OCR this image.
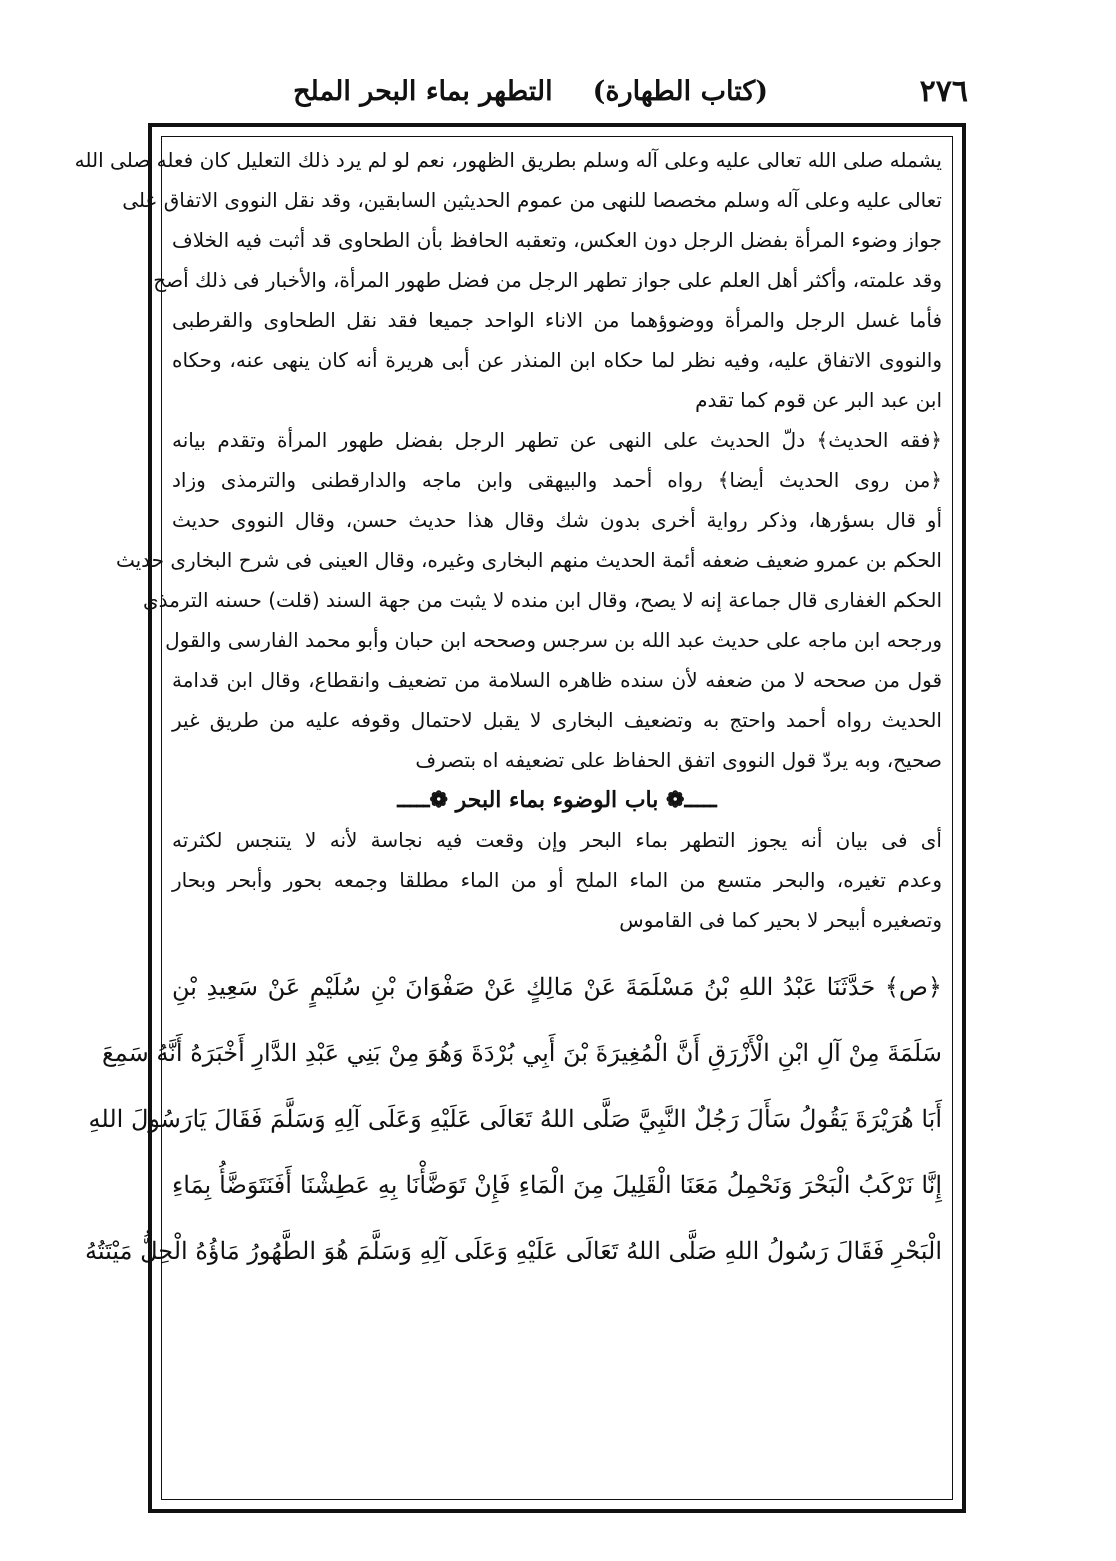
٢٧٦
(كتاب الطهارة)التطهر بماء البحر الملح
يشمله صلى الله تعالى عليه وعلى آله وسلم بطريق الظهور، نعم لو لم يرد ذلك التعليل كان فعله صلى الله
تعالى عليه وعلى آله وسلم مخصصا للنهى من عموم الحديثين السابقين، وقد نقل النووى الاتفاق على
جواز وضوء المرأة بفضل الرجل دون العكس، وتعقبه الحافظ بأن الطحاوى قد أثبت فيه الخلاف
وقد علمته، وأكثر أهل العلم على جواز تطهر الرجل من فضل طهور المرأة، والأخبار فى ذلك أصح
فأما غسل الرجل والمرأة ووضوؤهما من الاناء الواحد جميعا فقد نقل الطحاوى والقرطبى
والنووى الاتفاق عليه، وفيه نظر لما حكاه ابن المنذر عن أبى هريرة أنه كان ينهى عنه، وحكاه
ابن عبد البر عن قوم كما تقدم
﴿فقه الحديث﴾ دلّ الحديث على النهى عن تطهر الرجل بفضل طهور المرأة وتقدم بيانه
﴿من روى الحديث أيضا﴾ رواه أحمد والبيهقى وابن ماجه والدارقطنى والترمذى وزاد
أو قال بسؤرها، وذكر رواية أخرى بدون شك وقال هذا حديث حسن، وقال النووى حديث
الحكم بن عمرو ضعيف ضعفه أئمة الحديث منهم البخارى وغيره، وقال العينى فى شرح البخارى حديث
الحكم الغفارى قال جماعة إنه لا يصح، وقال ابن منده لا يثبت من جهة السند (قلت) حسنه الترمذى
ورجحه ابن ماجه على حديث عبد الله بن سرجس وصححه ابن حبان وأبو محمد الفارسى والقول
قول من صححه لا من ضعفه لأن سنده ظاهره السلامة من تضعيف وانقطاع، وقال ابن قدامة
الحديث رواه أحمد واحتج به وتضعيف البخارى لا يقبل لاحتمال وقوفه عليه من طريق غير
صحيح، وبه يردّ قول النووى اتفق الحفاظ على تضعيفه اه بتصرف
ـــــ❁ باب الوضوء بماء البحر ❁ـــــ
أى فى بيان أنه يجوز التطهر بماء البحر وإن وقعت فيه نجاسة لأنه لا يتنجس لكثرته
وعدم تغيره، والبحر متسع من الماء الملح أو من الماء مطلقا وجمعه بحور وأبحر وبحار
وتصغيره أبيحر لا بحير كما فى القاموس
﴿ص﴾ حَدَّثَنَا عَبْدُ اللهِ بْنُ مَسْلَمَةَ عَنْ مَالِكٍ عَنْ صَفْوَانَ بْنِ سُلَيْمٍ عَنْ سَعِيدِ بْنِ
سَلَمَةَ مِنْ آلِ ابْنِ الْأَزْرَقِ أَنَّ الْمُغِيرَةَ بْنَ أَبِي بُرْدَةَ وَهُوَ مِنْ بَنِي عَبْدِ الدَّارِ أَخْبَرَهُ أَنَّهُ سَمِعَ
أَبَا هُرَيْرَةَ يَقُولُ سَأَلَ رَجُلٌ النَّبِيَّ صَلَّى اللهُ تَعَالَى عَلَيْهِ وَعَلَى آلِهِ وَسَلَّمَ فَقَالَ يَارَسُولَ اللهِ
إِنَّا نَرْكَبُ الْبَحْرَ وَنَحْمِلُ مَعَنَا الْقَلِيلَ مِنَ الْمَاءِ فَإِنْ تَوَضَّأْنَا بِهِ عَطِشْنَا أَفَنَتَوَضَّأُ بِمَاءِ
الْبَحْرِ فَقَالَ رَسُولُ اللهِ صَلَّى اللهُ تَعَالَى عَلَيْهِ وَعَلَى آلِهِ وَسَلَّمَ هُوَ الطَّهُورُ مَاؤُهُ الْحِلُّ مَيْتَتُهُ
